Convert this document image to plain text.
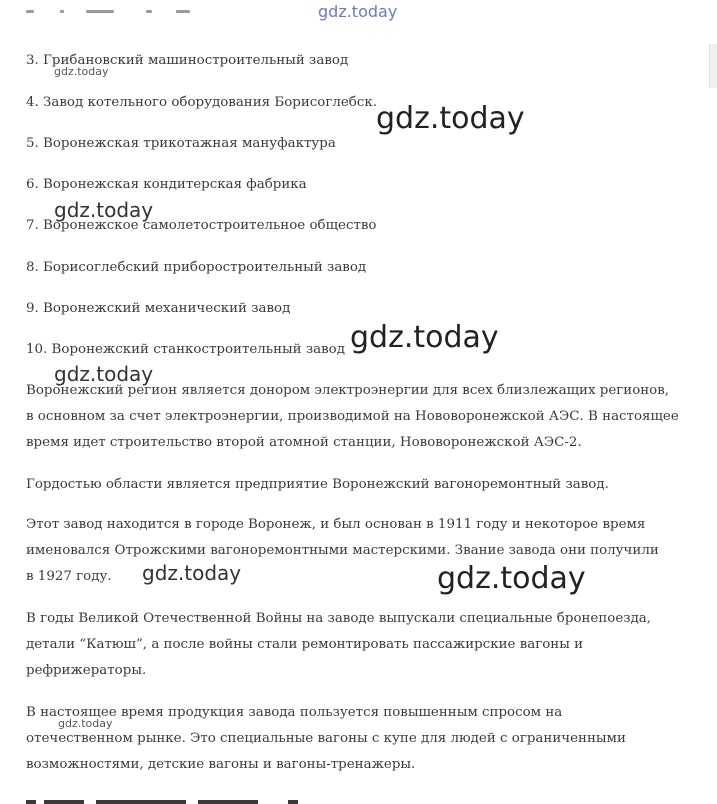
gdz.today
3. Грибановский машиностроительный завод
4. Завод котельного оборудования Борисоглебск.
5. Воронежская трикотажная мануфактура
6. Воронежская кондитерская фабрика
7. Воронежское самолетостроительное общество
8. Борисоглебский приборостроительный завод
9. Воронежский механический завод
10. Воронежский станкостроительный завод
Воронежский регион является донором электроэнергии для всех близлежащих регионов,
в основном за счет электроэнергии, производимой на Нововоронежской АЭС. В настоящее
время идет строительство второй атомной станции, Нововоронежской АЭС-2.
Гордостью области является предприятие Воронежский вагоноремонтный завод.
Этот завод находится в городе Воронеж, и был основан в 1911 году и некоторое время
именовался Отрожскими вагоноремонтными мастерскими. Звание завода они получили
в 1927 году.
В годы Великой Отечественной Войны на заводе выпускали специальные бронепоезда,
детали “Катюш”, а после войны стали ремонтировать пассажирские вагоны и
рефрижераторы.
В настоящее время продукция завода пользуется повышенным спросом на
отечественном рынке. Это специальные вагоны с купе для людей с ограниченными
возможностями, детские вагоны и вагоны-тренажеры.
gdz.today
gdz.today
gdz.today
gdz.today
gdz.today
gdz.today	gdz.today
gdz.today
